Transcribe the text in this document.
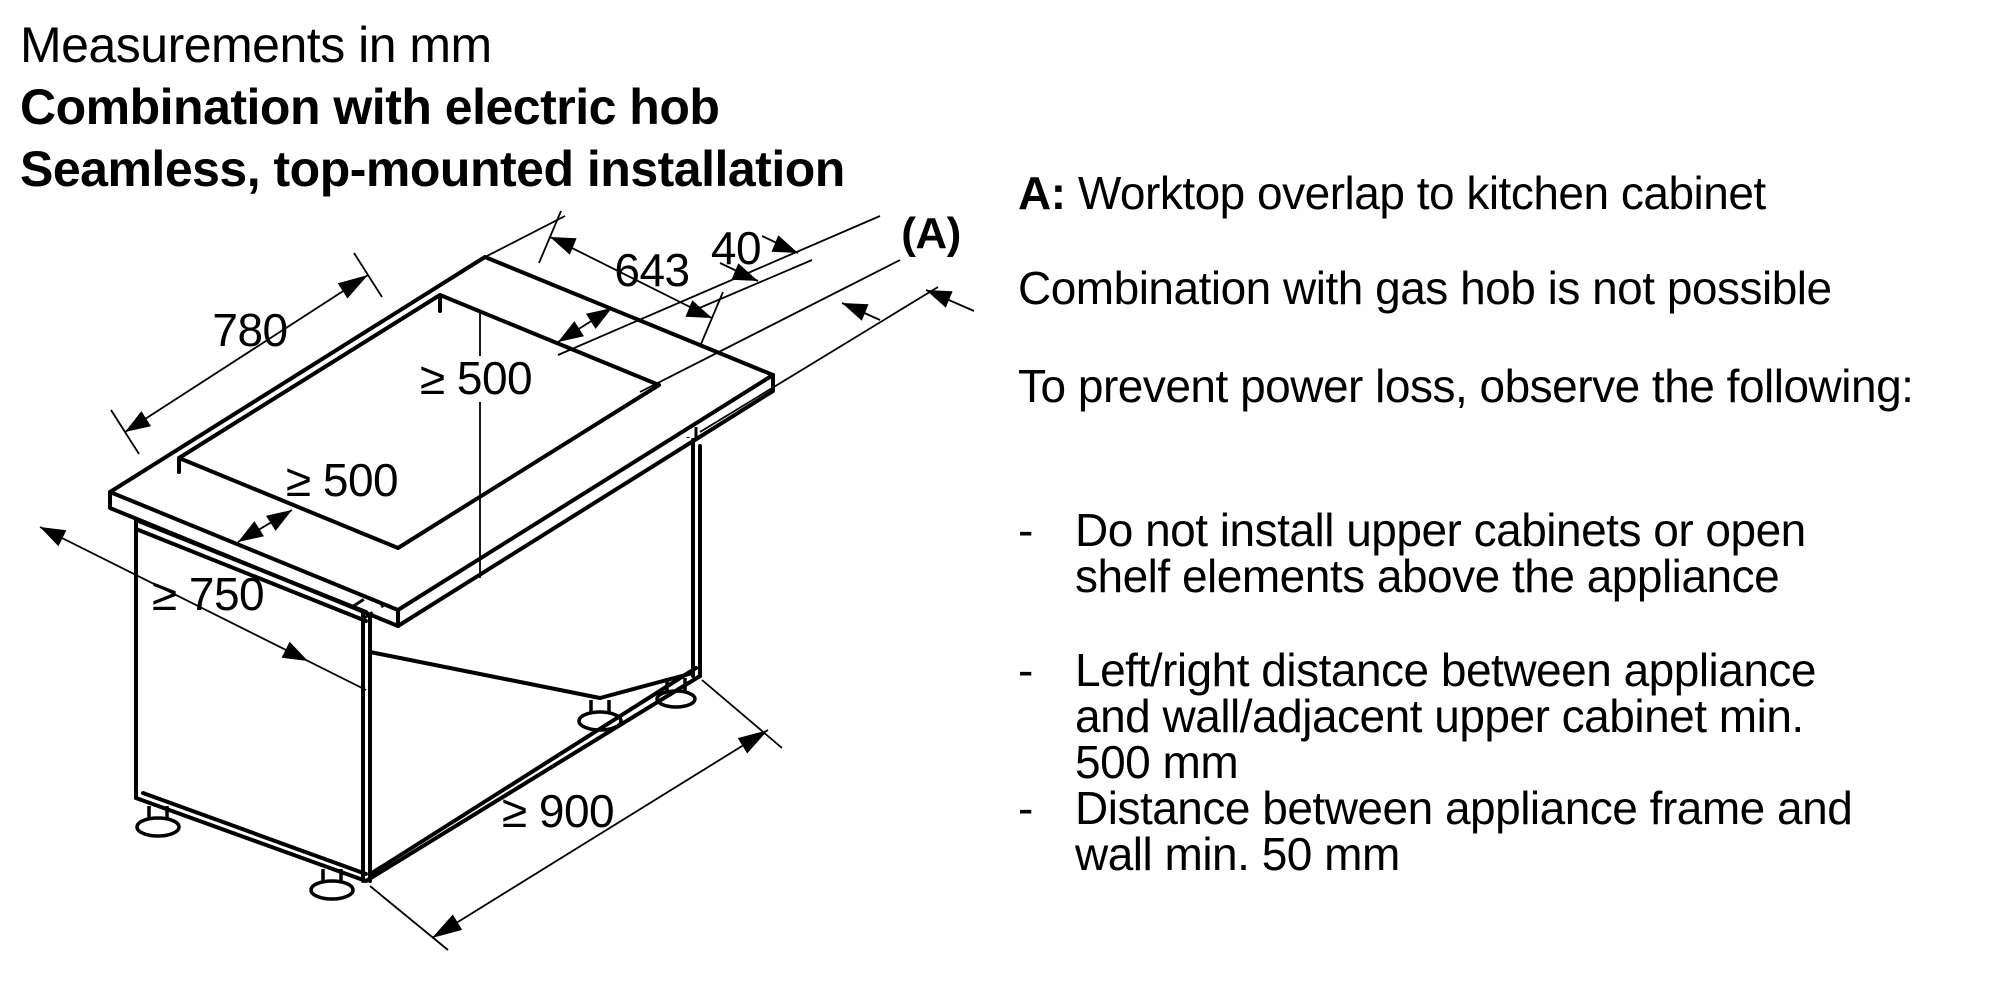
Measurements in mm
Combination with electric hob
Seamless, top-mounted installation
780
643 40	(A)
≥ 500
≥ 500
≥ 750
≥ 900
A: Worktop overlap to kitchen cabinet
Combination with gas hob is not possible
To prevent power loss, observe the following:
- Do not install upper cabinets or open
shelf elements above the appliance
- Left/right distance between appliance
and wall/adjacent upper cabinet min.
500 mm
- Distance between appliance frame and
wall min. 50 mm
